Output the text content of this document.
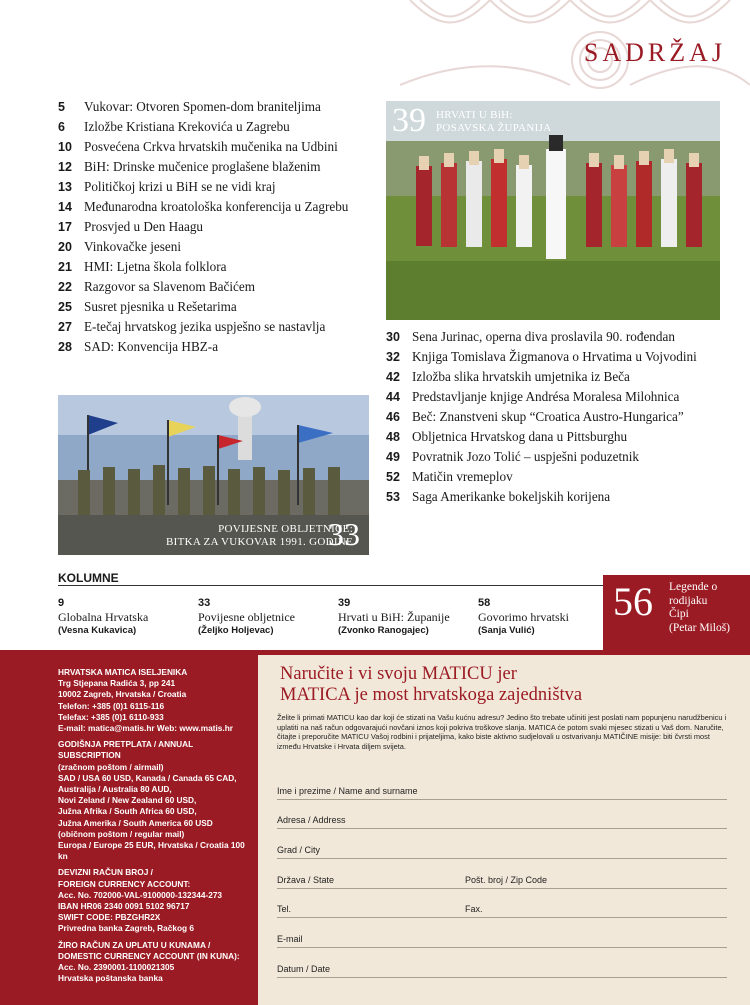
SADRŽAJ
5	Vukovar: Otvoren Spomen-dom braniteljima
6	Izložbe Kristiana Krekovića u Zagrebu
10 Posvećena Crkva hrvatskih mučenika na Udbini
12 BiH: Drinske mučenice proglašene blaženim
13 Političkoj krizi u BiH se ne vidi kraj
14 Međunarodna kroatološka konferencija u Zagrebu
17 Prosvjed u Den Haagu
20 Vinkovačke jeseni
21 HMI: Ljetna škola folklora
22 Razgovor sa Slavenom Bačićem
25 Susret pjesnika u Rešetarima
27 E-tečaj hrvatskog jezika uspješno se nastavlja
28 SAD: Konvencija HBZ-a
39 HRVATI U BiH:
POSAVSKA ŽUPANIJA
30 Sena Jurinac, operna diva proslavila 90. rođendan
32 Knjiga Tomislava Žigmanova o Hrvatima u Vojvodini
42 Izložba slika hrvatskih umjetnika iz Beča
44 Predstavljanje knjige Andrésa Moralesa Milohnica
46 Beč: Znanstveni skup “Croatica Austro-Hungarica”
48 Obljetnica Hrvatskog dana u Pittsburghu
49 Povratnik Jozo Tolić – uspješni poduzetnik
52 Matičin vremeplov
53 Saga Amerikanke bokeljskih korijena
POVIJESNE OBLJETNICE:
BITKA ZA VUKOVAR 1991. GODINE
33
KOLUMNE
9
Globalna Hrvatska
(Vesna Kukavica)
33
Povijesne obljetnice
(Željko Holjevac)
39
Hrvati u BiH: Županije
(Zvonko Ranogajec)
58
Govorimo hrvatski
(Sanja Vulić)
56 Legende o
rodijaku
Čipi
(Petar Miloš)
HRVATSKA MATICA ISELJENIKA
Trg Stjepana Radića 3, pp 241
10002 Zagreb, Hrvatska / Croatia
Telefon: +385 (0)1 6115-116
Telefax: +385 (0)1 6110-933
E-mail: matica@matis.hr Web: www.matis.hr
GODIŠNJA PRETPLATA / ANNUAL SUBSCRIPTION
(zračnom poštom / airmail)
SAD / USA 60 USD, Kanada / Canada 65 CAD,
Australija / Australia 80 AUD,
Novi Zeland / New Zealand 60 USD,
Južna Afrika / South Africa 60 USD,
Južna Amerika / South America 60 USD
(običnom poštom / regular mail)
Europa / Europe 25 EUR, Hrvatska / Croatia 100 kn
DEVIZNI RAČUN BROJ /
FOREIGN CURRENCY ACCOUNT:
Acc. No. 702000-VAL-9100000-132344-273
IBAN HR06 2340 0091 5102 96717
SWIFT CODE: PBZGHR2X
Privredna banka Zagreb, Račkog 6
ŽIRO RAČUN ZA UPLATU U KUNAMA /
DOMESTIC CURRENCY ACCOUNT (IN KUNA):
Acc. No. 2390001-1100021305
Hrvatska poštanska banka
Naručite i vi svoju MATICU jer
MATICA je most hrvatskoga zajedništva
Želite li primati MATICU kao dar koji će stizati na Vašu kućnu adresu? Jedino što trebate učiniti jest poslati nam popunjenu narudžbenicu i uplatiti na naš račun odgovarajući novčani iznos koji pokriva troškove slanja. MATICA će potom svaki mjesec stizati u Vaš dom. Naručite, čitajte i preporučite MATICU Vašoj rodbini i prijateljima, kako biste aktivno sudjelovali u ostvarivanju MATIČINE misije: biti čvrsti most između Hrvatske i Hrvata diljem svijeta.
Ime i prezime / Name and surname
Adresa / Address
Grad / City
Država / State	Pošt. broj / Zip Code
Tel.	Fax.
E-mail
Datum / Date
